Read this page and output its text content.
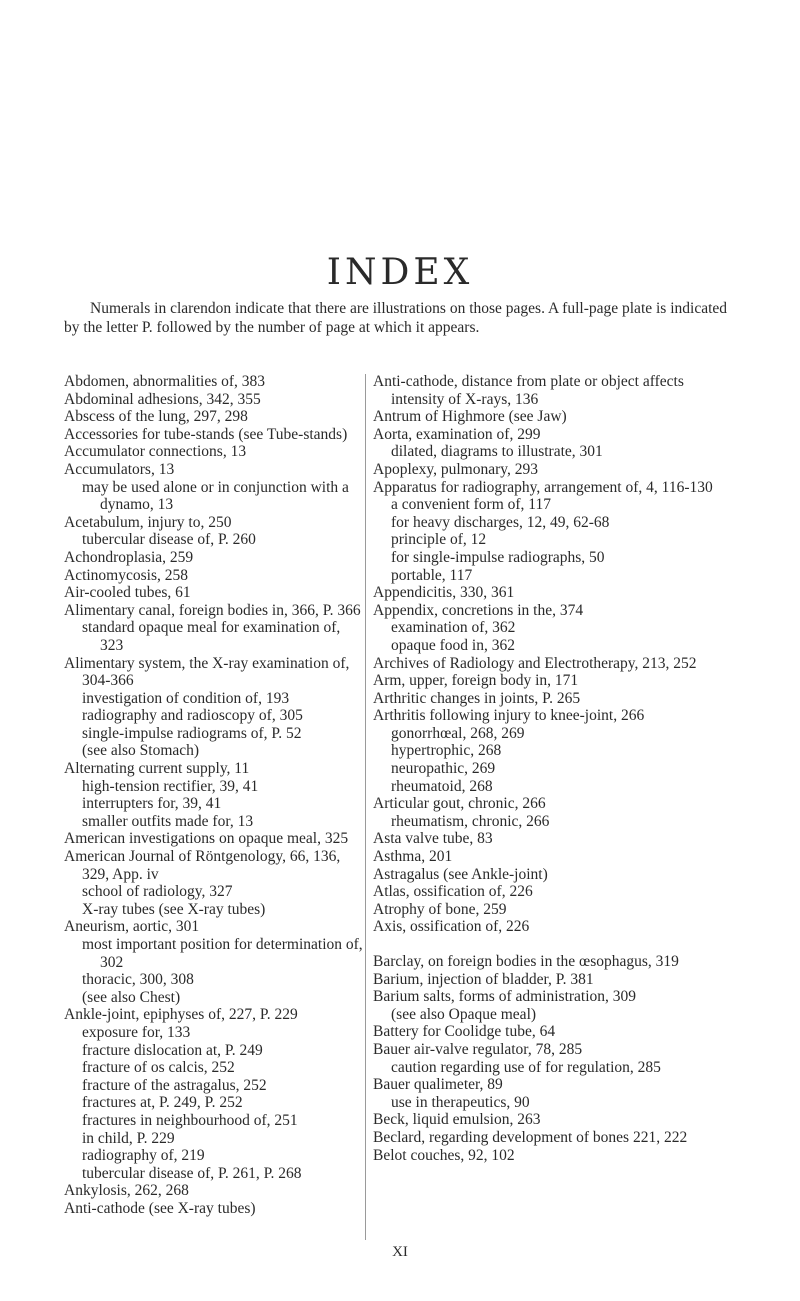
INDEX
Numerals in clarendon indicate that there are illustrations on those pages. A full-page plate is indicated by the letter P. followed by the number of page at which it appears.
Abdomen, abnormalities of, 383
Abdominal adhesions, 342, 355
Abscess of the lung, 297, 298
Accessories for tube-stands (see Tube-stands)
Accumulator connections, 13
Accumulators, 13
may be used alone or in conjunction with a dynamo, 13
Acetabulum, injury to, 250
tubercular disease of, P. 260
Achondroplasia, 259
Actinomycosis, 258
Air-cooled tubes, 61
Alimentary canal, foreign bodies in, 366, P. 366
standard opaque meal for examination of, 323
Alimentary system, the X-ray examination of, 304-366
investigation of condition of, 193
radiography and radioscopy of, 305
single-impulse radiograms of, P. 52
(see also Stomach)
Alternating current supply, 11
high-tension rectifier, 39, 41
interrupters for, 39, 41
smaller outfits made for, 13
American investigations on opaque meal, 325
American Journal of Röntgenology, 66, 136, 329, App. iv
school of radiology, 327
X-ray tubes (see X-ray tubes)
Aneurism, aortic, 301
most important position for determination of, 302
thoracic, 300, 308
(see also Chest)
Ankle-joint, epiphyses of, 227, P. 229
exposure for, 133
fracture dislocation at, P. 249
fracture of os calcis, 252
fracture of the astragalus, 252
fractures at, P. 249, P. 252
fractures in neighbourhood of, 251
in child, P. 229
radiography of, 219
tubercular disease of, P. 261, P. 268
Ankylosis, 262, 268
Anti-cathode (see X-ray tubes)
Anti-cathode, distance from plate or object affects intensity of X-rays, 136
Antrum of Highmore (see Jaw)
Aorta, examination of, 299
dilated, diagrams to illustrate, 301
Apoplexy, pulmonary, 293
Apparatus for radiography, arrangement of, 4, 116-130
a convenient form of, 117
for heavy discharges, 12, 49, 62-68
principle of, 12
for single-impulse radiographs, 50
portable, 117
Appendicitis, 330, 361
Appendix, concretions in the, 374
examination of, 362
opaque food in, 362
Archives of Radiology and Electrotherapy, 213, 252
Arm, upper, foreign body in, 171
Arthritic changes in joints, P. 265
Arthritis following injury to knee-joint, 266
gonorrhœal, 268, 269
hypertrophic, 268
neuropathic, 269
rheumatoid, 268
Articular gout, chronic, 266
rheumatism, chronic, 266
Asta valve tube, 83
Asthma, 201
Astragalus (see Ankle-joint)
Atlas, ossification of, 226
Atrophy of bone, 259
Axis, ossification of, 226
Barclay, on foreign bodies in the œsophagus, 319
Barium, injection of bladder, P. 381
Barium salts, forms of administration, 309
(see also Opaque meal)
Battery for Coolidge tube, 64
Bauer air-valve regulator, 78, 285
caution regarding use of for regulation, 285
Bauer qualimeter, 89
use in therapeutics, 90
Beck, liquid emulsion, 263
Beclard, regarding development of bones 221, 222
Belot couches, 92, 102
XI
